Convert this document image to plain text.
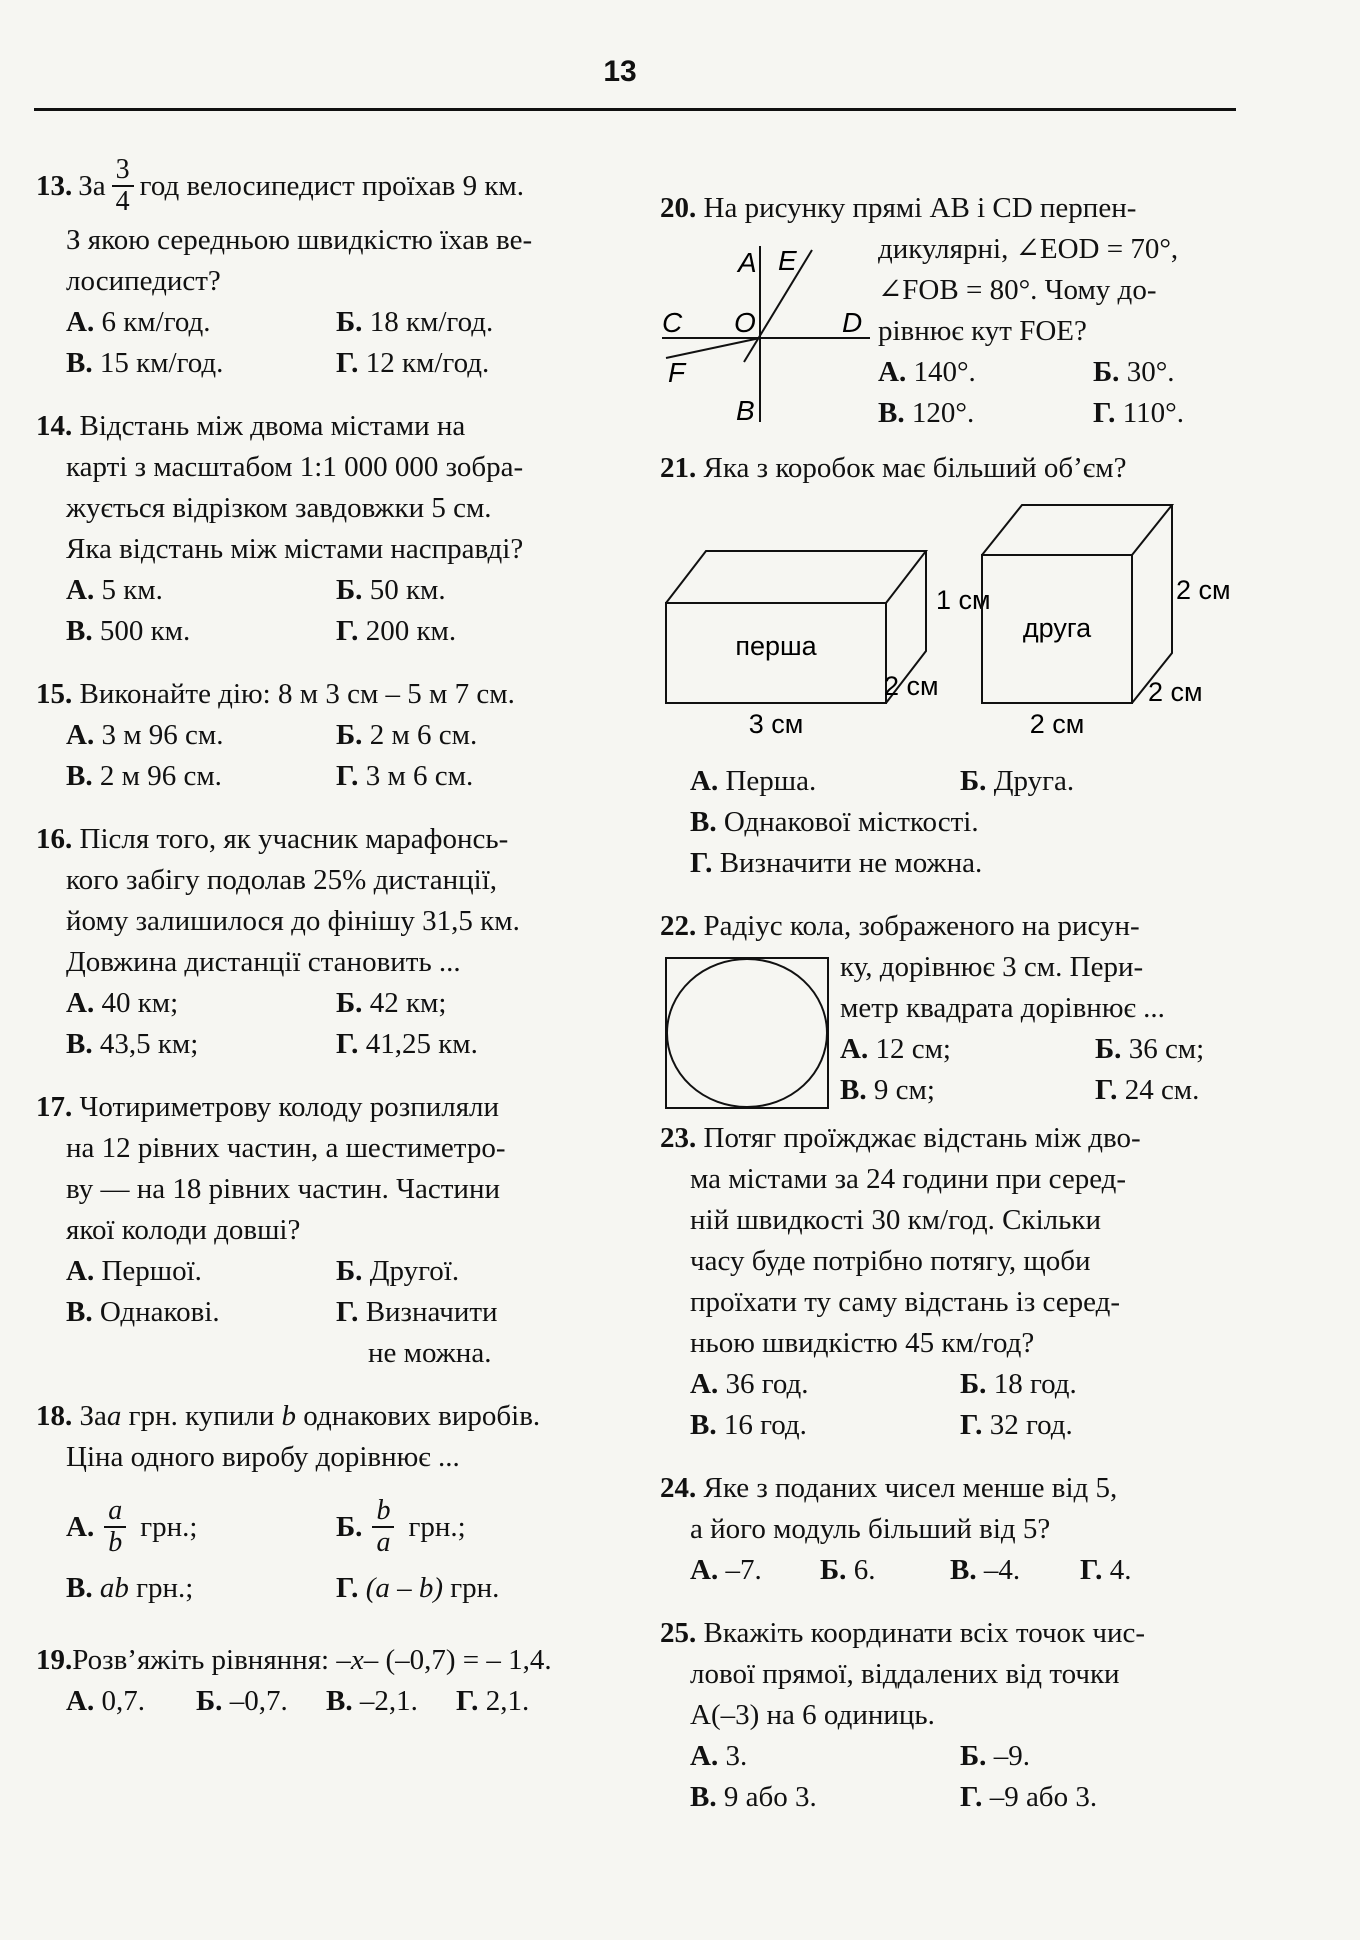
13
13. За $\frac{3}{4}$ год велосипедист проїхав 9 км.
З якою середньою швидкістю їхав ве-
лосипедист?
А. 6 км/год.	Б. 18 км/год.
В. 15 км/год.	Г. 12 км/год.
14. Відстань між двома містами на
карті з масштабом 1:1 000 000 зобра-
жується відрізком завдовжки 5 см.
Яка відстань між містами насправді?
А. 5 км.	Б. 50 км.
В. 500 км.	Г. 200 км.
15. Виконайте дію: 8 м 3 см – 5 м 7 см.
А. 3 м 96 см.	Б. 2 м 6 см.
В. 2 м 96 см.	Г. 3 м 6 см.
16. Після того, як учасник марафонсь-
кого забігу подолав 25% дистанції,
йому залишилося до фінішу 31,5 км.
Довжина дистанції становить ...
А. 40 км;	Б. 42 км;
В. 43,5 км;	Г. 41,25 км.
17. Чотириметрову колоду розпиляли
на 12 рівних частин, а шестиметро-
ву — на 18 рівних частин. Частини
якої колоди довші?
А. Першої.	Б. Другої.
В. Однакові.	Г. Визначити
не можна.
18. Заa грн. купили b однакових виробів.
Ціна одного виробу дорівнює ...
А. $\frac{a}{b}$ грн.;	Б. $\frac{b}{a}$ грн.;
В. ab грн.;	Г. (a – b) грн.
19.Розв’яжіть рівняння: –x– (–0,7) = – 1,4.
А. 0,7.	Б. –0,7.	В. –2,1.	Г. 2,1.
20. На рисунку прямі AB і CD перпен-
A E
C O	D
F
B
дикулярні, ∠EOD = 70°,
∠FOB = 80°. Чому до-
рівнює кут FOE?
А. 140°.	Б. 30°.
В. 120°.	Г. 110°.
21. Яка з коробок має більший об’єм?
перша
1 см
2 см
3 см
друга
2 см
2 см
2 см
А. Перша.	Б. Друга.
В. Однакової місткості.
Г. Визначити не можна.
22. Радіус кола, зображеного на рисун-
ку, дорівнює 3 см. Пери-
метр квадрата дорівнює ...
А. 12 см;	Б. 36 см;
В. 9 см;	Г. 24 см.
23. Потяг проїжджає відстань між дво-
ма містами за 24 години при серед-
ній швидкості 30 км/год. Скільки
часу буде потрібно потягу, щоби
проїхати ту саму відстань із серед-
ньою швидкістю 45 км/год?
А. 36 год.	Б. 18 год.
В. 16 год.	Г. 32 год.
24. Яке з поданих чисел менше від 5,
а його модуль більший від 5?
А. –7.	Б. 6.	В. –4.	Г. 4.
25. Вкажіть координати всіх точок чис-
лової прямої, віддалених від точки
A(–3) на 6 одиниць.
А. 3.	Б. –9.
В. 9 або 3.	Г. –9 або 3.
